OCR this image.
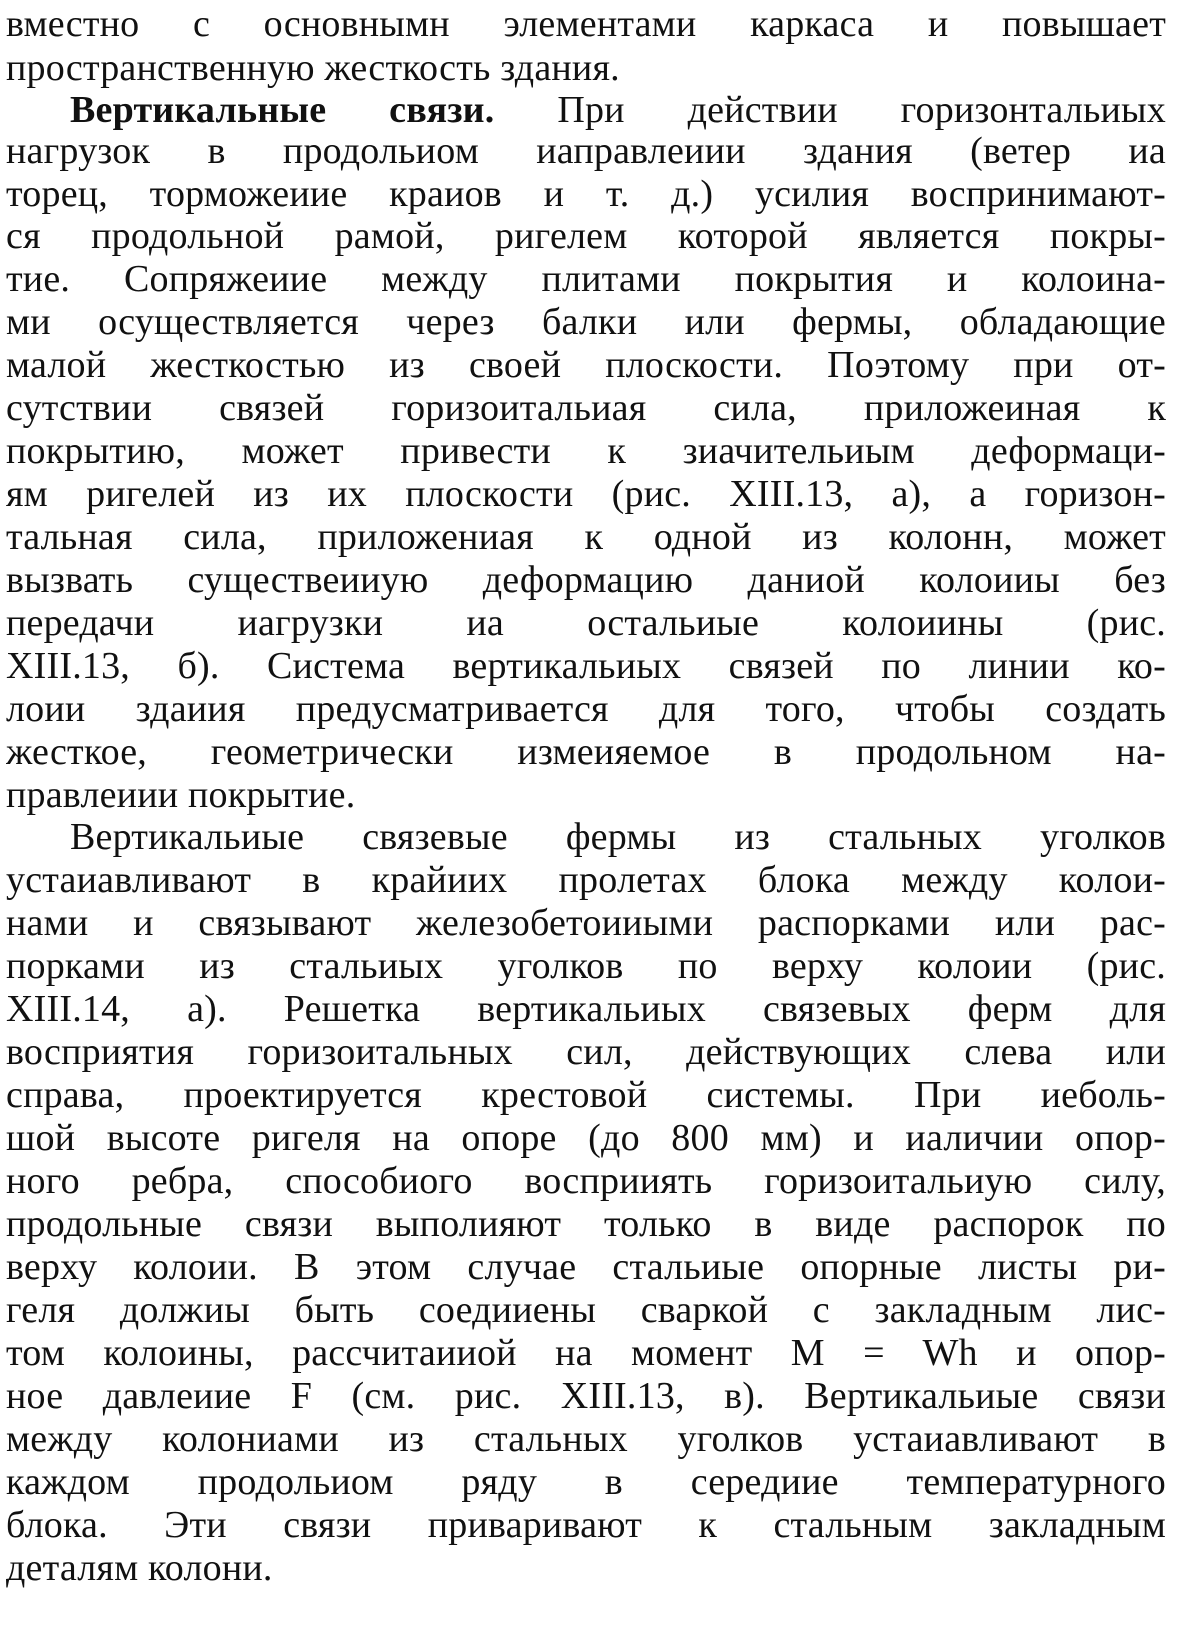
вместно с основнымн элементами каркаса и повышает
пространственную жесткость здания.
Вертикальные связи. При действии горизонтальиых
нагрузок в продольиом иаправлеиии здания (ветер иа
торец, торможеиие краиов и т. д.) усилия воспринимают-
ся продольной рамой, ригелем которой является покры-
тие. Сопряжеиие между плитами покрытия и колоина-
ми осуществляется через балки или фермы, обладающие
малой жесткостью из своей плоскости. Поэтому при от-
сутствии связей горизоитальиая сила, приложеиная к
покрытию, может привести к зиачительиым деформаци-
ям ригелей из их плоскости (рис. XIII.13, а), а горизон-
тальная сила, приложениая к одной из колонн, может
вызвать существеииую деформацию даниой колоииы без
передачи иагрузки иа остальиые колоиины (рис.
XIII.13, б). Система вертикальиых связей по линии ко-
лоии здаиия предусматривается для того, чтобы создать
жесткое, геометрически измеияемое в продольном на-
правлеиии покрытие.
Вертикальиые связевые фермы из стальных уголков
устаиавливают в крайиих пролетах блока между колои-
нами и связывают железобетоииыми распорками или рас-
порками из стальиых уголков по верху колоии (рис.
XIII.14, а). Решетка вертикальиых связевых ферм для
восприятия горизоитальных сил, действующих слева или
справа, проектируется крестовой системы. При иеболь-
шой высоте ригеля на опоре (до 800 мм) и иаличии опор-
ного ребра, способиого восприиять горизоитальиую силу,
продольные связи выполияют только в виде распорок по
верху колоии. В этом случае стальиые опорные листы ри-
геля должиы быть соедииены сваркой с закладным лис-
том колоины, рассчитаииой на момент M = Wh и опор-
ное давлеиие F (см. рис. XIII.13, в). Вертикальиые связи
между колониами из стальных уголков устаиавливают в
каждом продольиом ряду в середиие температурного
блока. Эти связи приваривают к стальным закладным
деталям колони.
